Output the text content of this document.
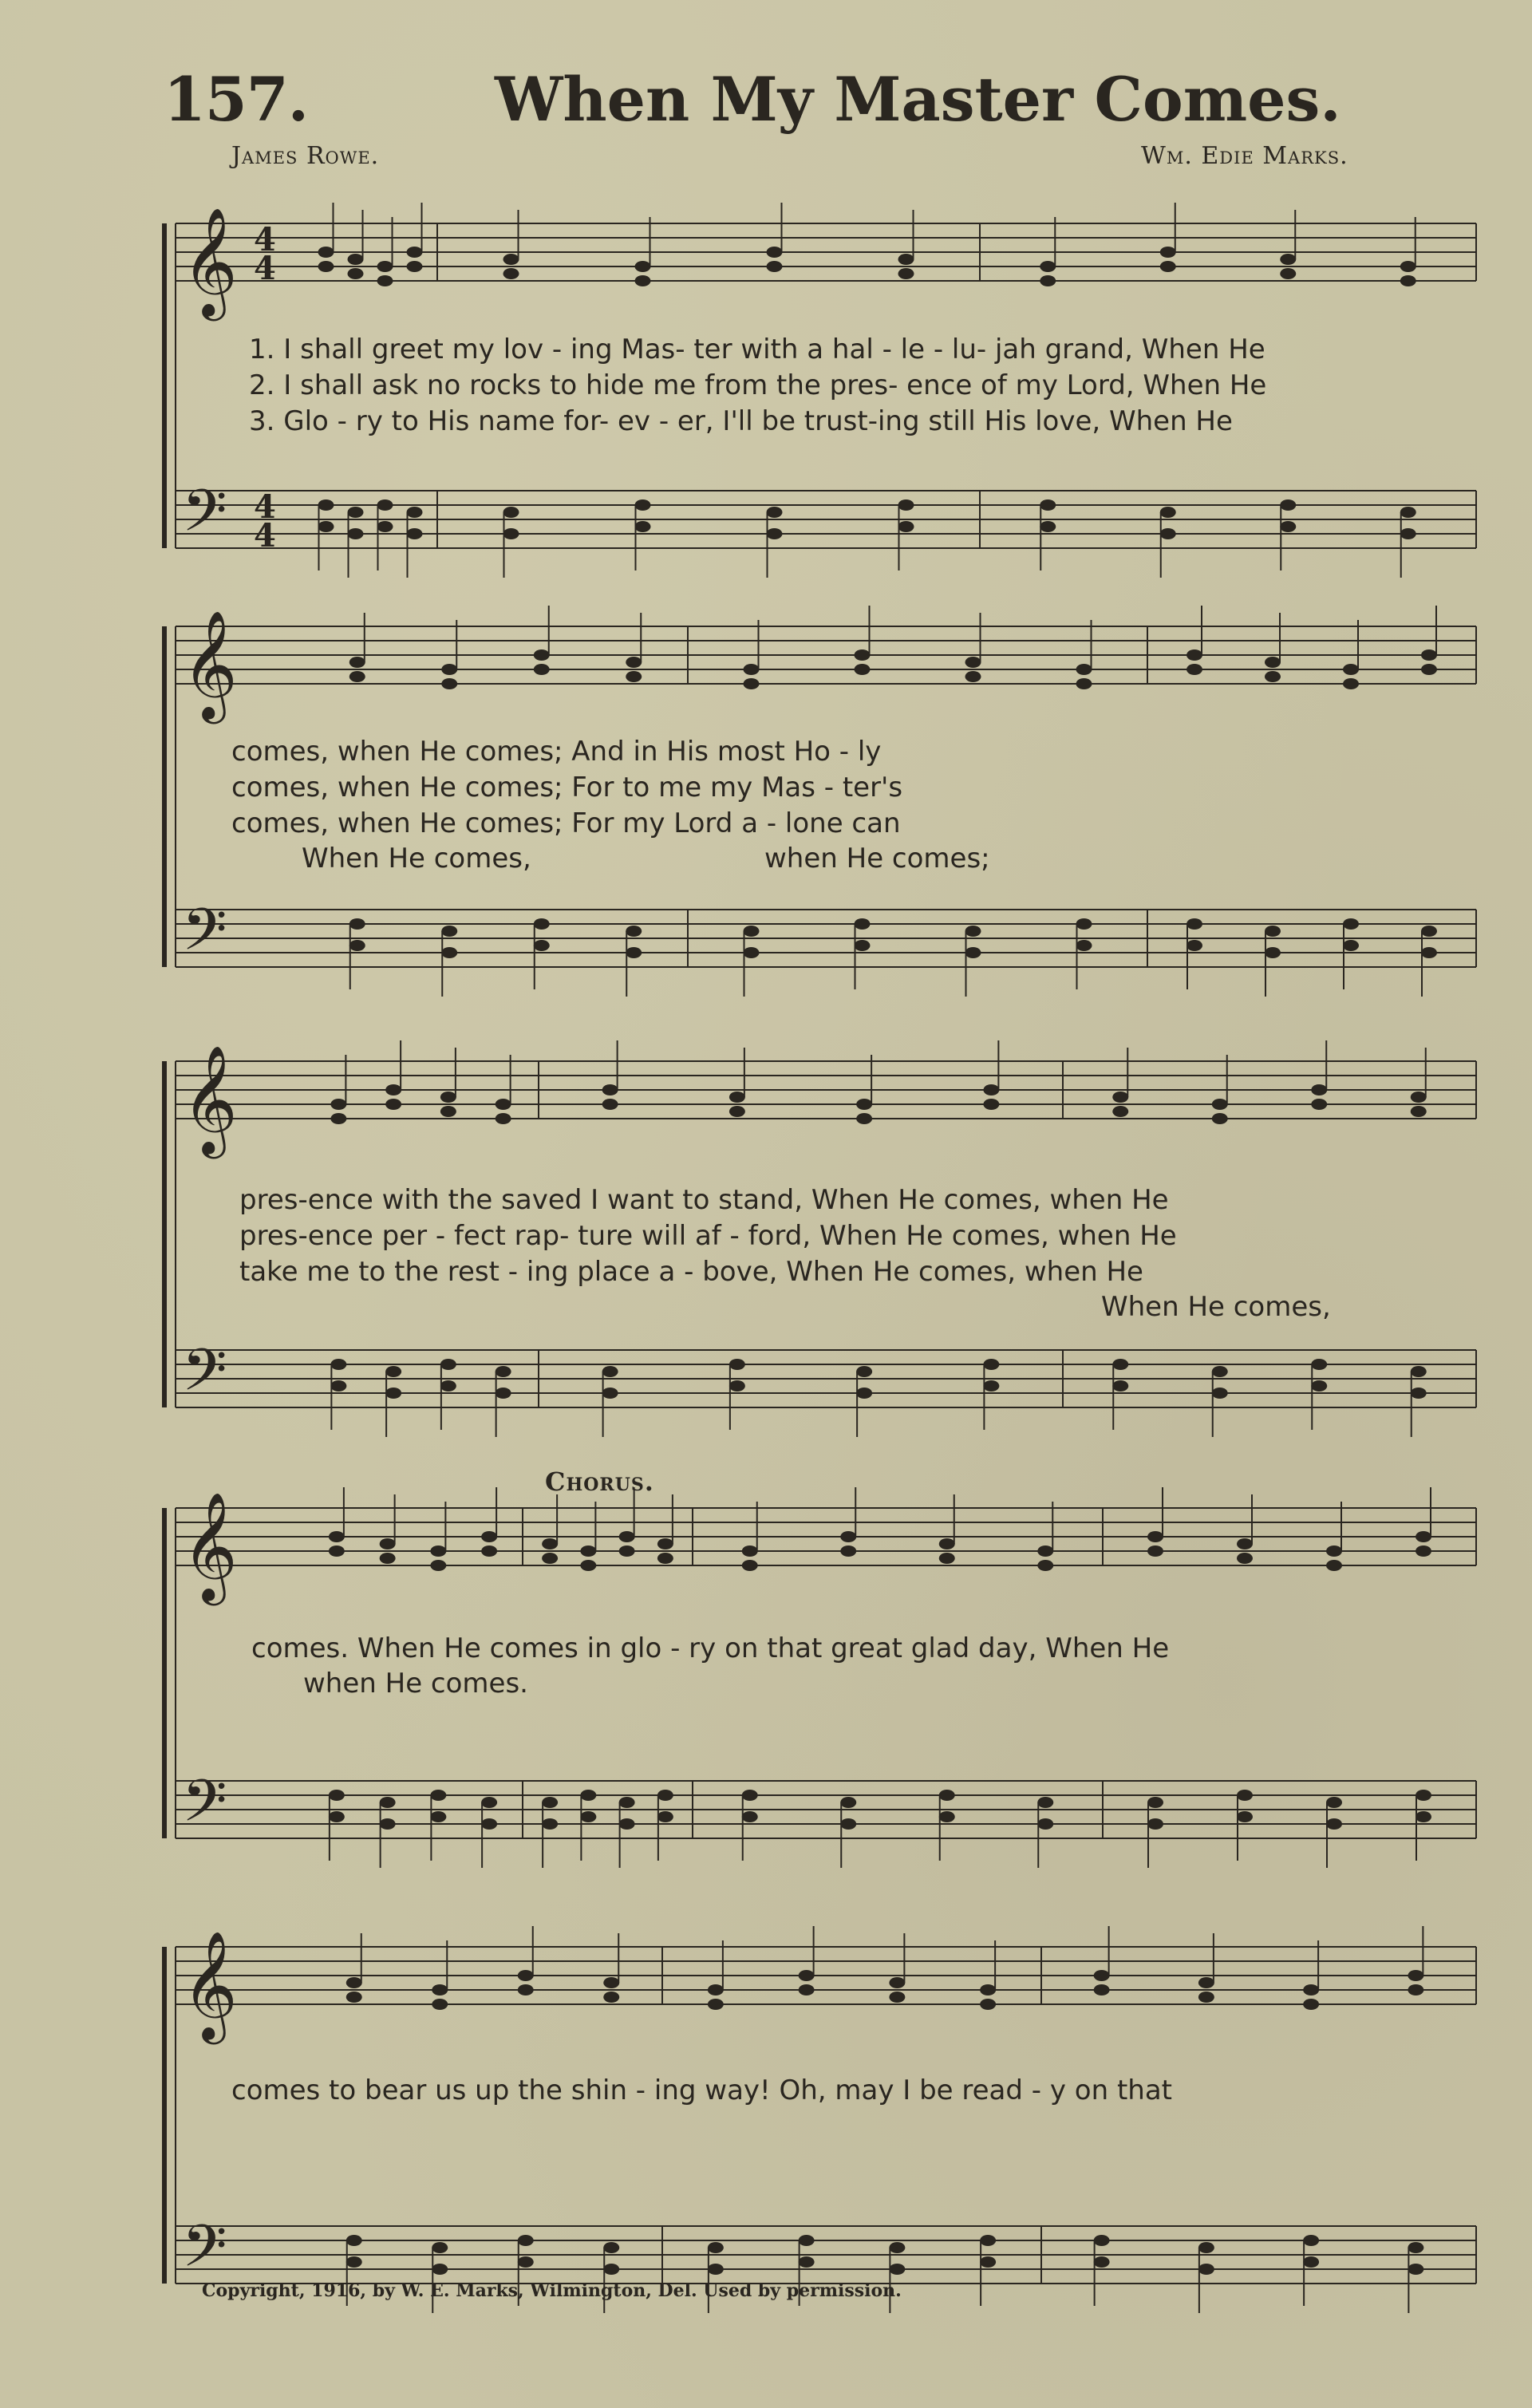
157.	When My Master Comes.
James Rowe.	Wm. Edie Marks.
𝄞
𝄢
4
4
4
4
𝄞
𝄢
𝄞
𝄢
𝄞
𝄢
𝄞
𝄢
1. I shall greet my lov - ing Mas- ter with a hal - le - lu- jah grand, When He
2. I shall ask no rocks to hide me from the pres- ence of my Lord, When He
3. Glo - ry to His name for- ev - er, I'll be trust-ing still His love, When He
comes, when He comes; And in His most Ho - ly
comes, when He comes; For to me my Mas - ter's
comes, when He comes; For my Lord a - lone can
When He comes,	when He comes;
pres-ence with the saved I want to stand, When He comes, when He
pres-ence per - fect rap- ture will af - ford, When He comes, when He
take me to the rest - ing place a - bove, When He comes, when He
When He comes,
Chorus.
comes. When He comes in glo - ry on that great glad day, When He
when He comes.
comes to bear us up the shin - ing way! Oh, may I be read - y on that
Copyright, 1916, by W. E. Marks, Wilmington, Del. Used by permission.
